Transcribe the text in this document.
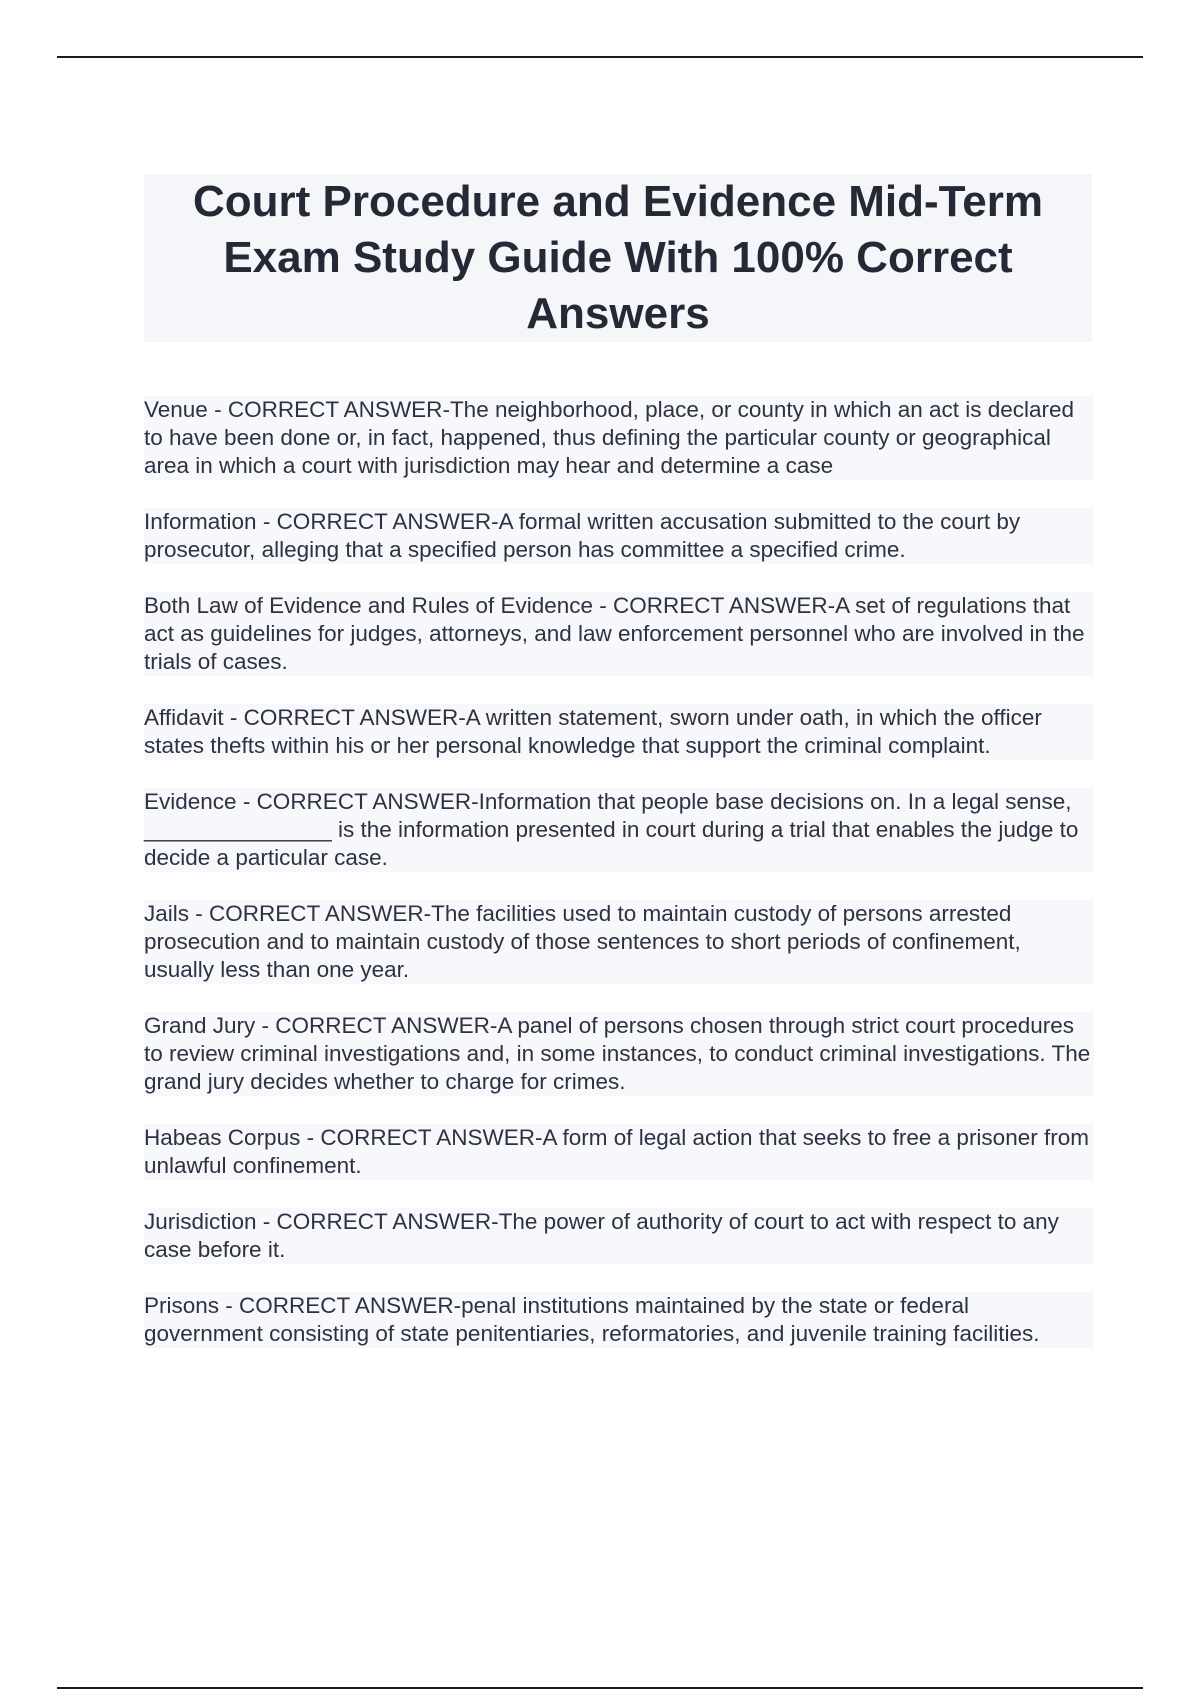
Court Procedure and Evidence Mid-Term Exam Study Guide With 100% Correct Answers

Venue - CORRECT ANSWER-The neighborhood, place, or county in which an act is declared to have been done or, in fact, happened, thus defining the particular county or geographical area in which a court with jurisdiction may hear and determine a case

Information - CORRECT ANSWER-A formal written accusation submitted to the court by prosecutor, alleging that a specified person has committee a specified crime.

Both Law of Evidence and Rules of Evidence - CORRECT ANSWER-A set of regulations that act as guidelines for judges, attorneys, and law enforcement personnel who are involved in the trials of cases.

Affidavit - CORRECT ANSWER-A written statement, sworn under oath, in which the officer states thefts within his or her personal knowledge that support the criminal complaint.

Evidence - CORRECT ANSWER-Information that people base decisions on. In a legal sense, _______________ is the information presented in court during a trial that enables the judge to decide a particular case.

Jails - CORRECT ANSWER-The facilities used to maintain custody of persons arrested prosecution and to maintain custody of those sentences to short periods of confinement, usually less than one year.

Grand Jury - CORRECT ANSWER-A panel of persons chosen through strict court procedures to review criminal investigations and, in some instances, to conduct criminal investigations. The grand jury decides whether to charge for crimes.

Habeas Corpus - CORRECT ANSWER-A form of legal action that seeks to free a prisoner from unlawful confinement.

Jurisdiction - CORRECT ANSWER-The power of authority of court to act with respect to any case before it.

Prisons - CORRECT ANSWER-penal institutions maintained by the state or federal government consisting of state penitentiaries, reformatories, and juvenile training facilities.
